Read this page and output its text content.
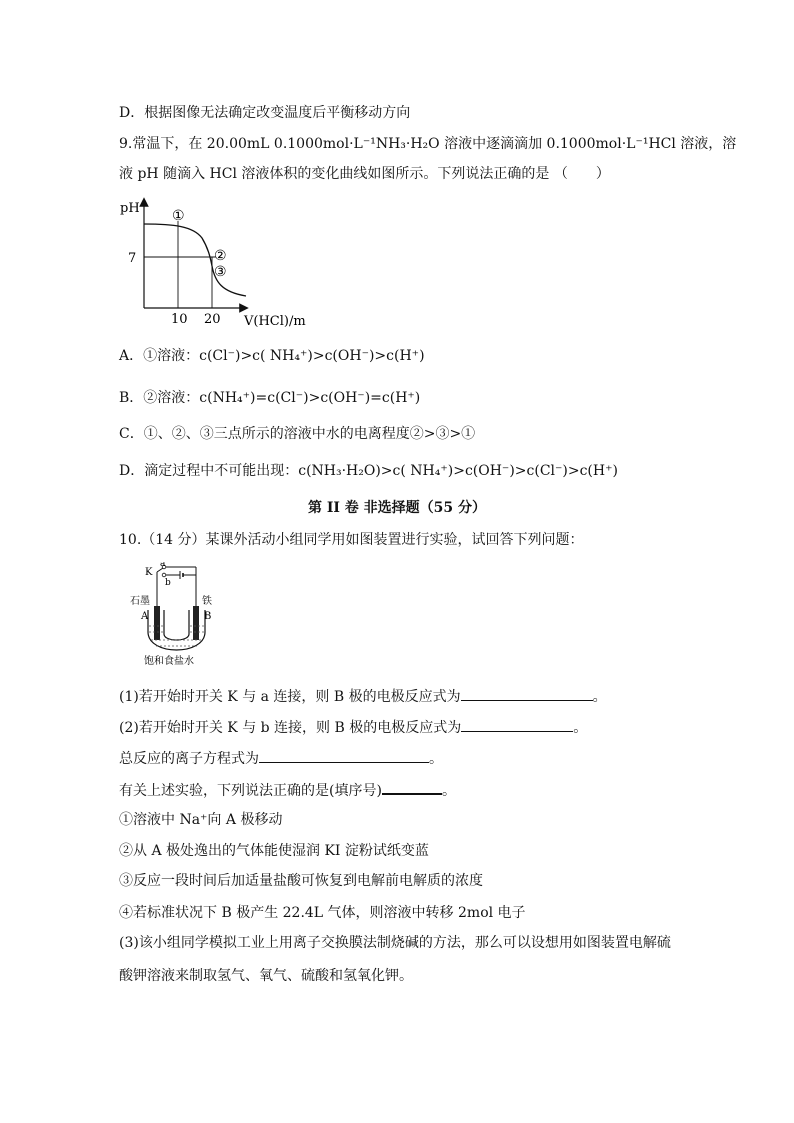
D．根据图像无法确定改变温度后平衡移动方向
9.常温下，在 20.00mL 0.1000mol·L⁻¹NH₃·H₂O 溶液中逐滴滴加 0.1000mol·L⁻¹HCl 溶液，溶
液 pH 随滴入 HCl 溶液体积的变化曲线如图所示。下列说法正确的是 （　　）
pH
7
10 20 V(HCl)/m
①
②
③
A．①溶液：c(Cl⁻)>c( NH₄⁺)>c(OH⁻)>c(H⁺)
B．②溶液：c(NH₄⁺)=c(Cl⁻)>c(OH⁻)=c(H⁺)
C．①、②、③三点所示的溶液中水的电离程度②>③>①
D．滴定过程中不可能出现：c(NH₃·H₂O)>c( NH₄⁺)>c(OH⁻)>c(Cl⁻)>c(H⁺)
第 II 卷 非选择题（55 分）
10.（14 分）某课外活动小组同学用如图装置进行实验，试回答下列问题：
K
a
b
石墨	铁
A	B
饱和食盐水
(1)若开始时开关 K 与 a 连接，则 B 极的电极反应式为	。
(2)若开始时开关 K 与 b 连接，则 B 极的电极反应式为	。
总反应的离子方程式为	。
有关上述实验，下列说法正确的是(填序号)	。
①溶液中 Na⁺向 A 极移动
②从 A 极处逸出的气体能使湿润 KI 淀粉试纸变蓝
③反应一段时间后加适量盐酸可恢复到电解前电解质的浓度
④若标准状况下 B 极产生 22.4L 气体，则溶液中转移 2mol 电子
(3)该小组同学模拟工业上用离子交换膜法制烧碱的方法，那么可以设想用如图装置电解硫
酸钾溶液来制取氢气、氧气、硫酸和氢氧化钾。
